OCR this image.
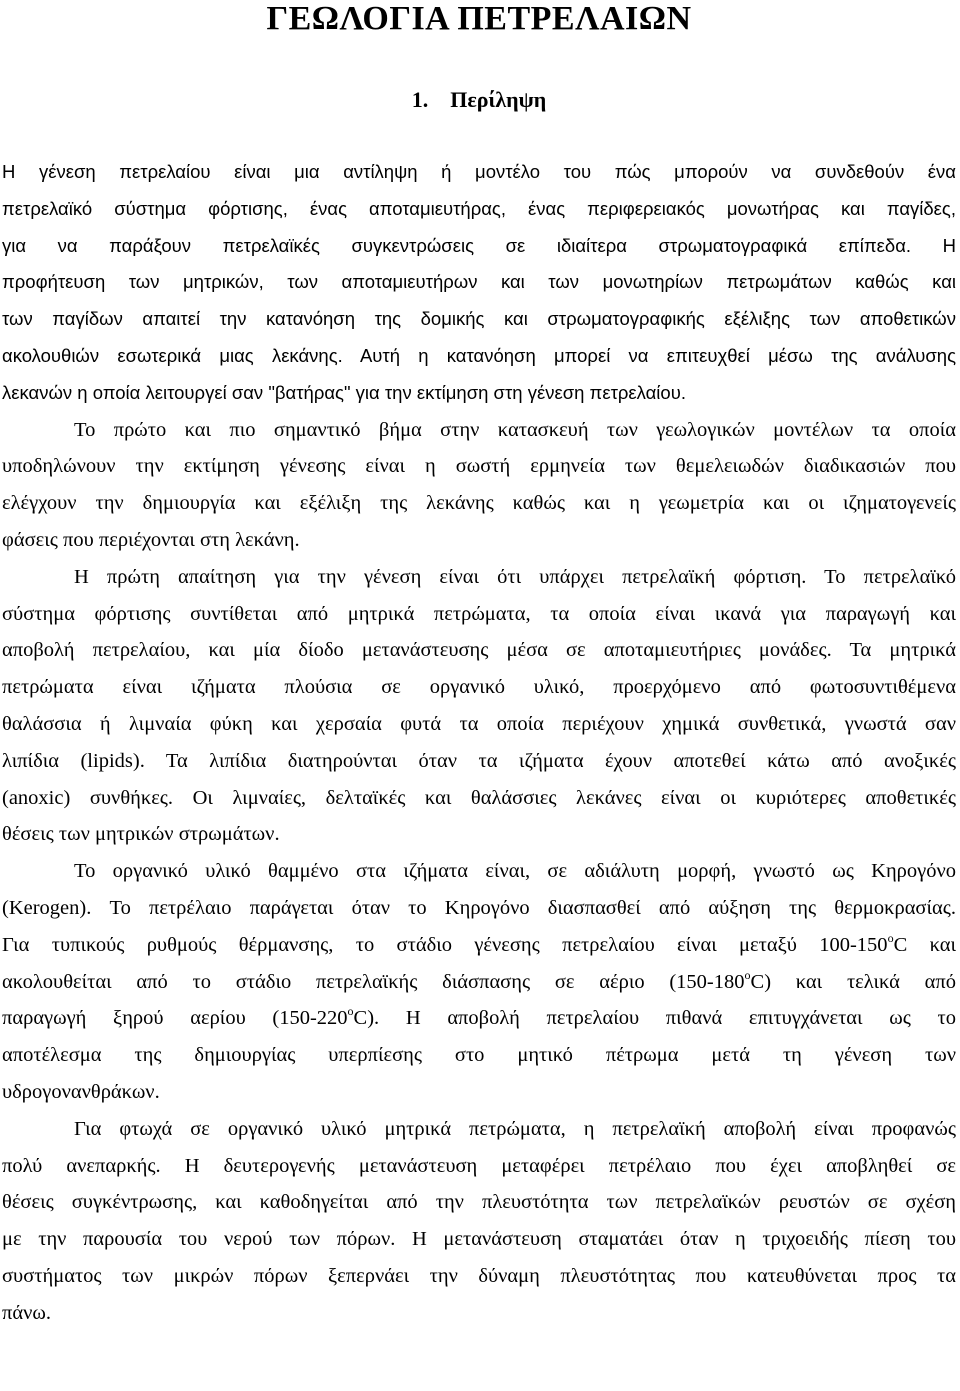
ΓΕΩΛΟΓΙΑ ΠΕΤΡΕΛΑΙΩΝ
1. Περίληψη

Η γένεση πετρελαίου είναι μια αντίληψη ή μοντέλο του πώς μπορούν να συνδεθούν ένα
πετρελαϊκό σύστημα φόρτισης, ένας αποταμιευτήρας, ένας περιφερειακός μονωτήρας και παγίδες,
για να παράξουν πετρελαϊκές συγκεντρώσεις σε ιδιαίτερα στρωματογραφικά επίπεδα. Η
προφήτευση των μητρικών, των αποταμιευτήρων και των μονωτηρίων πετρωμάτων καθώς και
των παγίδων απαιτεί την κατανόηση της δομικής και στρωματογραφικής εξέλιξης των αποθετικών
ακολουθιών εσωτερικά μιας λεκάνης. Αυτή η κατανόηση μπορεί να επιτευχθεί μέσω της ανάλυσης
λεκανών η οποία λειτουργεί σαν "βατήρας" για την εκτίμηση στη γένεση πετρελαίου.

Το πρώτο και πιο σημαντικό βήμα στην κατασκευή των γεωλογικών μοντέλων τα οποία
υποδηλώνουν την εκτίμηση γένεσης είναι η σωστή ερμηνεία των θεμελειωδών διαδικασιών που
ελέγχουν την δημιουργία και εξέλιξη της λεκάνης καθώς και η γεωμετρία και οι ιζηματογενείς
φάσεις που περιέχονται στη λεκάνη.

Η πρώτη απαίτηση για την γένεση είναι ότι υπάρχει πετρελαϊκή φόρτιση. Το πετρελαϊκό
σύστημα φόρτισης συντίθεται από μητρικά πετρώματα, τα οποία είναι ικανά για παραγωγή και
αποβολή πετρελαίου, και μία δίοδο μετανάστευσης μέσα σε αποταμιευτήριες μονάδες. Τα μητρικά
πετρώματα είναι ιζήματα πλούσια σε οργανικό υλικό, προερχόμενο από φωτοσυντιθέμενα
θαλάσσια ή λιμναία φύκη και χερσαία φυτά τα οποία περιέχουν χημικά συνθετικά, γνωστά σαν
λιπίδια (lipids). Τα λιπίδια διατηρούνται όταν τα ιζήματα έχουν αποτεθεί κάτω από ανοξικές
(anoxic) συνθήκες. Οι λιμναίες, δελταϊκές και θαλάσσιες λεκάνες είναι οι κυριότερες αποθετικές
θέσεις των μητρικών στρωμάτων.

Το οργανικό υλικό θαμμένο στα ιζήματα είναι, σε αδιάλυτη μορφή, γνωστό ως Κηρογόνο
(Kerogen). Το πετρέλαιο παράγεται όταν το Κηρογόνο διασπασθεί από αύξηση της θερμοκρασίας.
Για τυπικούς ρυθμούς θέρμανσης, το στάδιο γένεσης πετρελαίου είναι μεταξύ 100-150$^o$C και
ακολουθείται από το στάδιο πετρελαϊκής διάσπασης σε αέριο (150-180$^o$C) και τελικά από
παραγωγή ξηρού αερίου (150-220$^o$C). Η αποβολή πετρελαίου πιθανά επιτυγχάνεται ως το
αποτέλεσμα της δημιουργίας υπερπίεσης στο μητικό πέτρωμα μετά τη γένεση των
υδρογονανθράκων.

Για φτωχά σε οργανικό υλικό μητρικά πετρώματα, η πετρελαϊκή αποβολή είναι προφανώς
πολύ ανεπαρκής. Η δευτερογενής μετανάστευση μεταφέρει πετρέλαιο που έχει αποβληθεί σε
θέσεις συγκέντρωσης, και καθοδηγείται από την πλευστότητα των πετρελαϊκών ρευστών σε σχέση
με την παρουσία του νερού των πόρων. Η μετανάστευση σταματάει όταν η τριχοειδής πίεση του
συστήματος των μικρών πόρων ξεπερνάει την δύναμη πλευστότητας που κατευθύνεται προς τα
πάνω.
